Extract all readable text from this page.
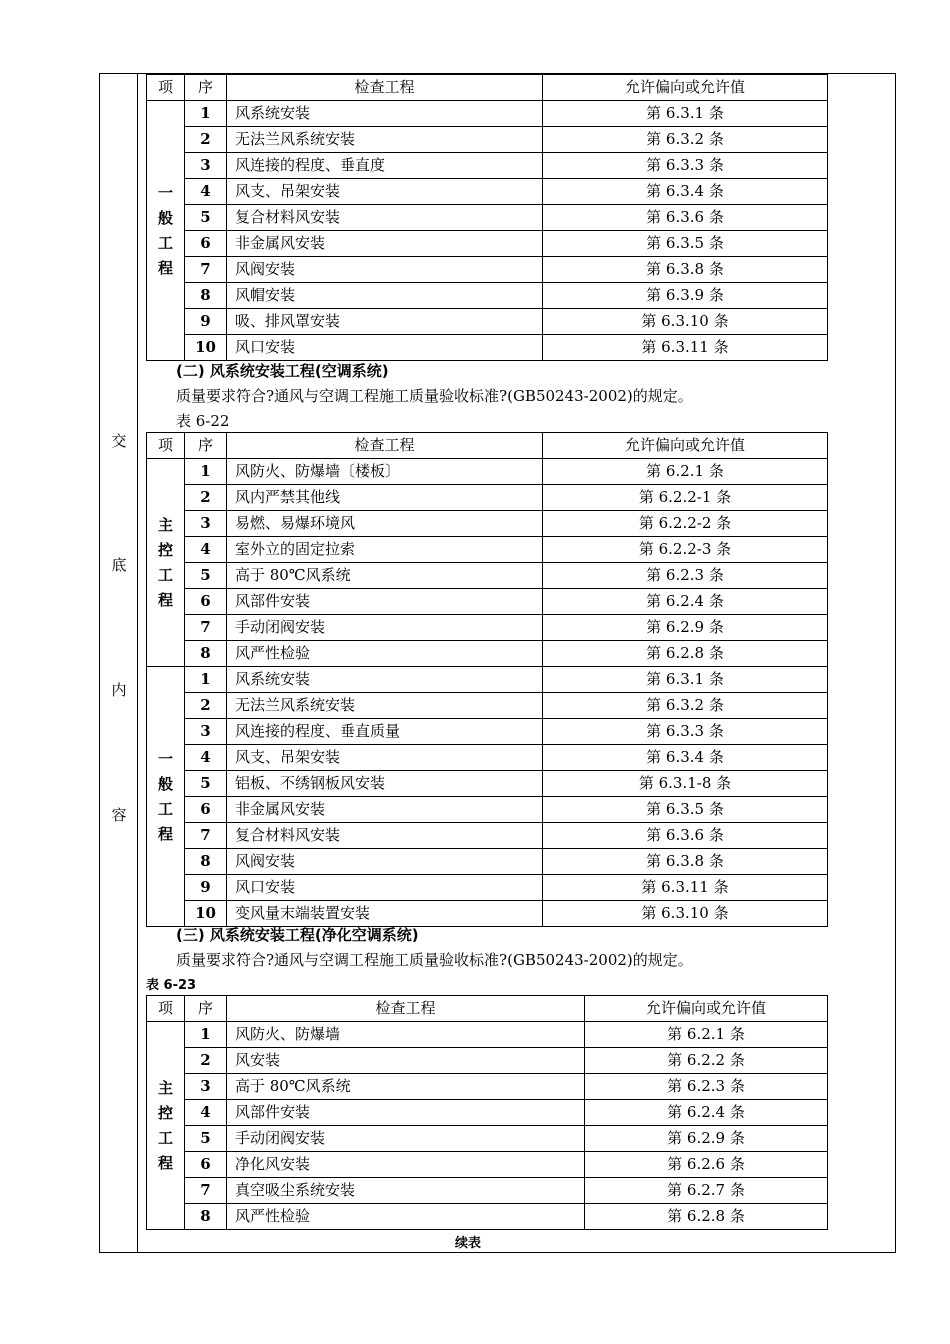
交
底
内
容
项	序	检查工程	允许偏向或允许值

一
般
工
程	1	风系统安装	第 6.3.1 条
	2	无法兰风系统安装	第 6.3.2 条
	3	风连接的程度、垂直度	第 6.3.3 条
	4	风支、吊架安装	第 6.3.4 条
	5	复合材料风安装	第 6.3.6 条
	6	非金属风安装	第 6.3.5 条
	7	风阀安装	第 6.3.8 条
	8	风帽安装	第 6.3.9 条
	9	吸、排风罩安装	第 6.3.10 条
	10	风口安装	第 6.3.11 条
(二) 风系统安装工程(空调系统)
质量要求符合?通风与空调工程施工质量验收标准?(GB50243-2002)的规定。
表 6-22
项	序	检查工程	允许偏向或允许值

主
控
工
程	1	风防火、防爆墙〔楼板〕	第 6.2.1 条
	2	风内严禁其他线	第 6.2.2-1 条
	3	易燃、易爆环境风	第 6.2.2-2 条
	4	室外立的固定拉索	第 6.2.2-3 条
	5	高于 80℃风系统	第 6.2.3 条
	6	风部件安装	第 6.2.4 条
	7	手动闭阀安装	第 6.2.9 条
	8	风严性检验	第 6.2.8 条

一
般
工
程	1	风系统安装	第 6.3.1 条
	2	无法兰风系统安装	第 6.3.2 条
	3	风连接的程度、垂直质量	第 6.3.3 条
	4	风支、吊架安装	第 6.3.4 条
	5	铝板、不绣钢板风安装	第 6.3.1-8 条
	6	非金属风安装	第 6.3.5 条
	7	复合材料风安装	第 6.3.6 条
	8	风阀安装	第 6.3.8 条
	9	风口安装	第 6.3.11 条
	10	变风量末端装置安装	第 6.3.10 条
(三) 风系统安装工程(净化空调系统)
质量要求符合?通风与空调工程施工质量验收标准?(GB50243-2002)的规定。
表 6-23
项	序	检查工程	允许偏向或允许值

主
控
工
程	1	风防火、防爆墙	第 6.2.1 条
	2	风安装	第 6.2.2 条
	3	高于 80℃风系统	第 6.2.3 条
	4	风部件安装	第 6.2.4 条
	5	手动闭阀安装	第 6.2.9 条
	6	净化风安装	第 6.2.6 条
	7	真空吸尘系统安装	第 6.2.7 条
	8	风严性检验	第 6.2.8 条
续表
